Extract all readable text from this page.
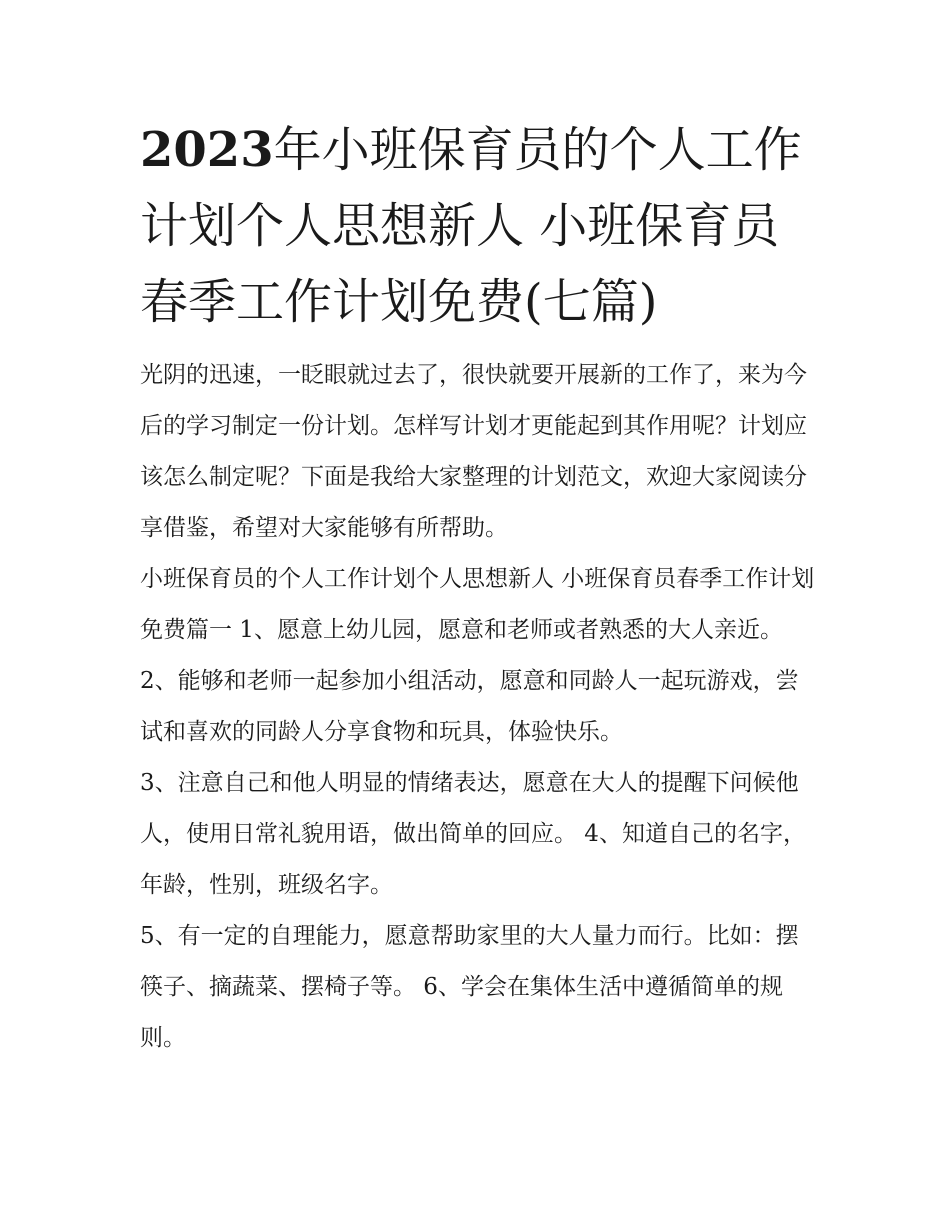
2023年小班保育员的个人工作计划个人思想新人 小班保育员春季工作计划免费(七篇)

光阴的迅速，一眨眼就过去了，很快就要开展新的工作了，来为今后的学习制定一份计划。怎样写计划才更能起到其作用呢？计划应该怎么制定呢？下面是我给大家整理的计划范文，欢迎大家阅读分享借鉴，希望对大家能够有所帮助。

小班保育员的个人工作计划个人思想新人 小班保育员春季工作计划免费篇一 1、愿意上幼儿园，愿意和老师或者熟悉的大人亲近。

2、能够和老师一起参加小组活动，愿意和同龄人一起玩游戏，尝试和喜欢的同龄人分享食物和玩具，体验快乐。

3、注意自己和他人明显的情绪表达，愿意在大人的提醒下问候他人，使用日常礼貌用语，做出简单的回应。 4、知道自己的名字，年龄，性别，班级名字。

5、有一定的自理能力，愿意帮助家里的大人量力而行。比如：摆筷子、摘蔬菜、摆椅子等。 6、学会在集体生活中遵循简单的规则。
